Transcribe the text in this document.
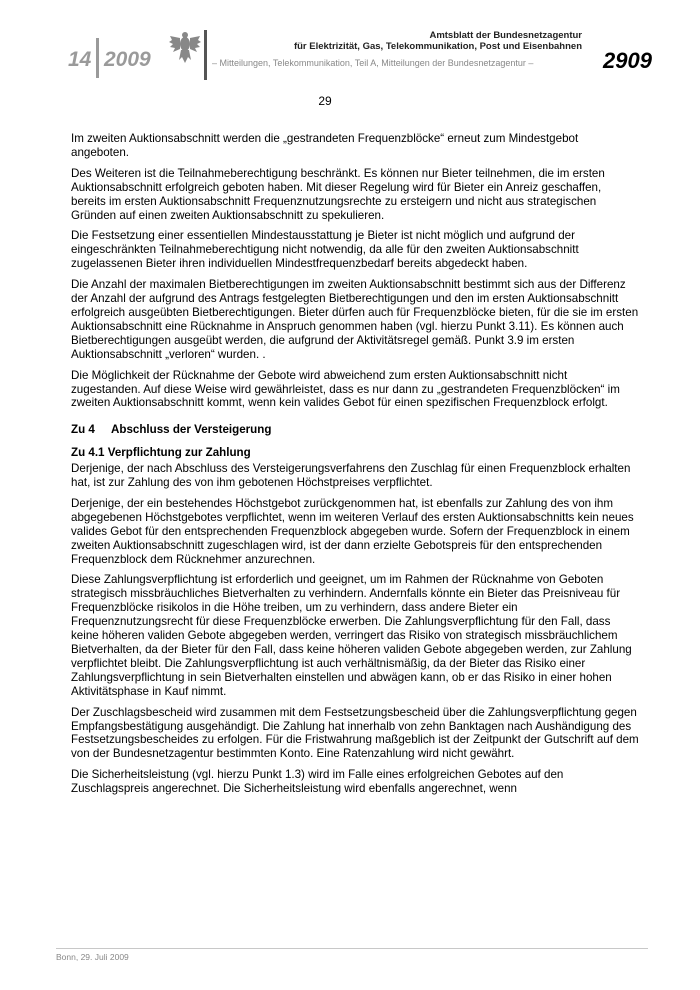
14 2009
Amtsblatt der Bundesnetzagentur
für Elektrizität, Gas, Telekommunikation, Post und Eisenbahnen
– Mitteilungen, Telekommunikation, Teil A, Mitteilungen der Bundesnetzagentur –	2909
29

Im zweiten Auktionsabschnitt werden die „gestrandeten Frequenzblöcke“ erneut zum Mindestgebot angeboten.

Des Weiteren ist die Teilnahmeberechtigung beschränkt. Es können nur Bieter teilnehmen, die im ersten Auktionsabschnitt erfolgreich geboten haben. Mit dieser Regelung wird für Bieter ein Anreiz geschaffen, bereits im ersten Auktionsabschnitt Frequenznutzungsrechte zu ersteigern und nicht aus strategischen Gründen auf einen zweiten Auktionsabschnitt zu spekulieren.

Die Festsetzung einer essentiellen Mindestausstattung je Bieter ist nicht möglich und aufgrund der eingeschränkten Teilnahmeberechtigung nicht notwendig, da alle für den zweiten Auktionsabschnitt zugelassenen Bieter ihren individuellen Mindestfrequenzbedarf bereits abgedeckt haben.

Die Anzahl der maximalen Bietberechtigungen im zweiten Auktionsabschnitt bestimmt sich aus der Differenz der Anzahl der aufgrund des Antrags festgelegten Bietberechtigungen und den im ersten Auktionsabschnitt erfolgreich ausgeübten Bietberechtigungen. Bieter dürfen auch für Frequenzblöcke bieten, für die sie im ersten Auktionsabschnitt eine Rücknahme in Anspruch genommen haben (vgl. hierzu Punkt 3.11). Es können auch Bietberechtigungen ausgeübt werden, die aufgrund der Aktivitätsregel gemäß. Punkt 3.9 im ersten Auktionsabschnitt „verloren“ wurden. .

Die Möglichkeit der Rücknahme der Gebote wird abweichend zum ersten Auktionsabschnitt nicht zugestanden. Auf diese Weise wird gewährleistet, dass es nur dann zu „gestrandeten Frequenzblöcken“ im zweiten Auktionsabschnitt kommt, wenn kein valides Gebot für einen spezifischen Frequenzblock erfolgt.

Zu 4 Abschluss der Versteigerung
Zu 4.1 Verpflichtung zur Zahlung

Derjenige, der nach Abschluss des Versteigerungsverfahrens den Zuschlag für einen Frequenzblock erhalten hat, ist zur Zahlung des von ihm gebotenen Höchstpreises verpflichtet.

Derjenige, der ein bestehendes Höchstgebot zurückgenommen hat, ist ebenfalls zur Zahlung des von ihm abgegebenen Höchstgebotes verpflichtet, wenn im weiteren Verlauf des ersten Auktionsabschnitts kein neues valides Gebot für den entsprechenden Frequenzblock abgegeben wurde. Sofern der Frequenzblock in einem zweiten Auktionsabschnitt zugeschlagen wird, ist der dann erzielte Gebotspreis für den entsprechenden Frequenzblock dem Rücknehmer anzurechnen.

Diese Zahlungsverpflichtung ist erforderlich und geeignet, um im Rahmen der Rücknahme von Geboten strategisch missbräuchliches Bietverhalten zu verhindern. Andernfalls könnte ein Bieter das Preisniveau für Frequenzblöcke risikolos in die Höhe treiben, um zu verhindern, dass andere Bieter ein Frequenznutzungsrecht für diese Frequenzblöcke erwerben. Die Zahlungsverpflichtung für den Fall, dass keine höheren validen Gebote abgegeben werden, verringert das Risiko von strategisch missbräuchlichem Bietverhalten, da der Bieter für den Fall, dass keine höheren validen Gebote abgegeben werden, zur Zahlung verpflichtet bleibt. Die Zahlungsverpflichtung ist auch verhältnismäßig, da der Bieter das Risiko einer Zahlungsverpflichtung in sein Bietverhalten einstellen und abwägen kann, ob er das Risiko in einer hohen Aktivitätsphase in Kauf nimmt.

Der Zuschlagsbescheid wird zusammen mit dem Festsetzungsbescheid über die Zahlungsverpflichtung gegen Empfangsbestätigung ausgehändigt. Die Zahlung hat innerhalb von zehn Banktagen nach Aushändigung des Festsetzungsbescheides zu erfolgen. Für die Fristwahrung maßgeblich ist der Zeitpunkt der Gutschrift auf dem von der Bundesnetzagentur bestimmten Konto. Eine Ratenzahlung wird nicht gewährt.

Die Sicherheitsleistung (vgl. hierzu Punkt 1.3) wird im Falle eines erfolgreichen Gebotes auf den Zuschlagspreis angerechnet. Die Sicherheitsleistung wird ebenfalls angerechnet, wenn

Bonn, 29. Juli 2009
